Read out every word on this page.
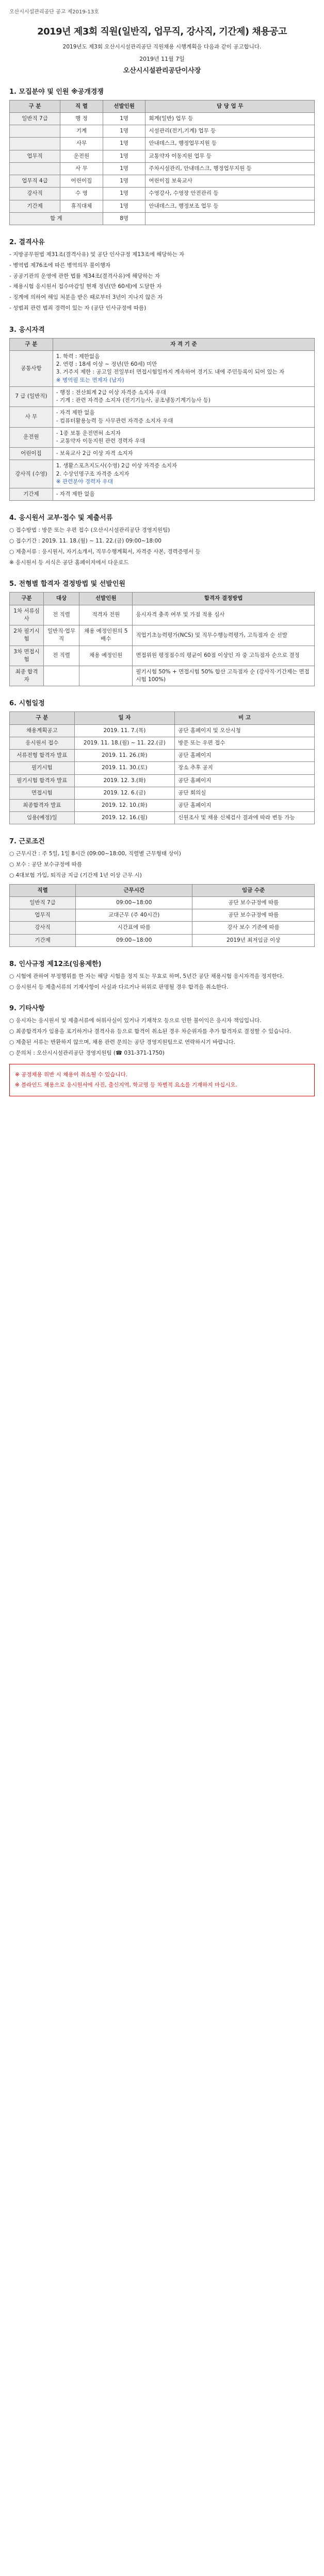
오산시시설관리공단 공고 제2019-13호
2019년 제3회 직원(일반직, 업무직, 강사직, 기간제) 채용공고
2019년도 제3회 오산시시설관리공단 직원채용 시행계획을 다음과 같이 공고합니다.
2019년 11월 7일
오산시시설관리공단이사장
1. 모집분야 및 인원 ※공개경쟁
구 분	직 렬	선발인원	담 당 업 무
일반직 7급	행 정	1명	회계(일반) 업무 등
	기계	1명	시설관리(전기,기계) 업무 등
	사무	1명	안내데스크, 행정업무지원 등
업무직	운전원	1명	교통약자 이동지원 업무 등
	사 무	1명	주차시설관리, 안내데스크, 행정업무지원 등
업무직 4급	어린이집	1명	어린이집 보육교사
강사직	수 영	1명	수영강사, 수영장 안전관리 등
기간제	휴직대체	1명	안내데스크, 행정보조 업무 등
합 계		8명	
2. 결격사유
- 지방공무원법 제31조(결격사유) 및 공단 인사규정 제13조에 해당하는 자
- 병역법 제76조에 따른 병역의무 불이행자
- 공공기관의 운영에 관한 법률 제34조(결격사유)에 해당하는 자
- 채용시험 응시원서 접수마감일 현재 정년(만 60세)에 도달한 자
- 징계에 의하여 해임 처분을 받은 때로부터 3년이 지나지 않은 자
- 성범죄 관련 범죄 경력이 있는 자 (공단 인사규정에 따름)
3. 응시자격
구 분	자 격 기 준
공통사항	1. 학력 : 제한없음
2. 연령 : 18세 이상 ~ 정년(만 60세) 미만
3. 거주지 제한 : 공고일 전일부터 면접시험일까지 계속하여 경기도 내에 주민등록이 되어 있는 자
※ 병역필 또는 면제자 (남자)

7 급 (일반직)	- 행정 : 전산회계 2급 이상 자격증 소지자 우대
- 기계 : 관련 자격증 소지자 (전기기능사, 공조냉동기계기능사 등)

사 무	- 자격 제한 없음
- 컴퓨터활용능력 등 사무관련 자격증 소지자 우대

운전원	- 1종 보통 운전면허 소지자
- 교통약자 이동지원 관련 경력자 우대

어린이집	- 보육교사 2급 이상 자격 소지자

강사직 (수영)	1. 생활스포츠지도사(수영) 2급 이상 자격증 소지자
2. 수상인명구조 자격증 소지자
※ 관련분야 경력자 우대

기간제	- 자격 제한 없음
4. 응시원서 교부·접수 및 제출서류
○ 접수방법 : 방문 또는 우편 접수 (오산시시설관리공단 경영지원팀)
○ 접수기간 : 2019. 11. 18.(월) ~ 11. 22.(금) 09:00~18:00
○ 제출서류 : 응시원서, 자기소개서, 직무수행계획서, 자격증 사본, 경력증명서 등
※ 응시원서 등 서식은 공단 홈페이지에서 다운로드
5. 전형별 합격자 결정방법 및 선발인원
구분	대상	선발인원	합격자 결정방법
1차 서류심사	전 직렬	적격자 전원	응시자격 충족 여부 및 가점 적용 심사
2차 필기시험	일반직·업무직	채용 예정인원의 5배수	직업기초능력평가(NCS) 및 직무수행능력평가, 고득점자 순 선발
3차 면접시험	전 직렬	채용 예정인원	면접위원 평정점수의 평균이 60점 이상인 자 중 고득점자 순으로 결정
최종 합격자			필기시험 50% + 면접시험 50% 합산 고득점자 순 (강사직·기간제는 면접시험 100%)
6. 시험일정
구 분	일 자	비 고
채용계획공고	2019. 11. 7.(목)	공단 홈페이지 및 오산시청
응시원서 접수	2019. 11. 18.(월) ~ 11. 22.(금)	방문 또는 우편 접수
서류전형 합격자 발표	2019. 11. 26.(화)	공단 홈페이지
필기시험	2019. 11. 30.(토)	장소 추후 공지
필기시험 합격자 발표	2019. 12. 3.(화)	공단 홈페이지
면접시험	2019. 12. 6.(금)	공단 회의실
최종합격자 발표	2019. 12. 10.(화)	공단 홈페이지
임용(예정)일	2019. 12. 16.(월)	신원조사 및 채용 신체검사 결과에 따라 변동 가능
7. 근로조건
○ 근무시간 : 주 5일, 1일 8시간 (09:00~18:00, 직렬별 근무형태 상이)
○ 보수 : 공단 보수규정에 따름
○ 4대보험 가입, 퇴직금 지급 (기간제 1년 이상 근무 시)
직렬	근무시간	임금 수준
일반직 7급	09:00~18:00	공단 보수규정에 따름
업무직	교대근무 (주 40시간)	공단 보수규정에 따름
강사직	시간표에 따름	강사 보수 기준에 따름
기간제	09:00~18:00	2019년 최저임금 이상
8. 인사규정 제12조(임용제한)
○ 시험에 관하여 부정행위를 한 자는 해당 시험을 정지 또는 무효로 하며, 5년간 공단 채용시험 응시자격을 정지한다.
○ 응시원서 등 제출서류의 기재사항이 사실과 다르거나 허위로 판명될 경우 합격을 취소한다.
9. 기타사항
○ 응시자는 응시원서 및 제출서류에 허위사실이 있거나 기재착오 등으로 인한 불이익은 응시자 책임입니다.
○ 최종합격자가 임용을 포기하거나 결격사유 등으로 합격이 취소된 경우 차순위자를 추가 합격자로 결정할 수 있습니다.
○ 제출된 서류는 반환하지 않으며, 채용 관련 문의는 공단 경영지원팀으로 연락하시기 바랍니다.
○ 문의처 : 오산시시설관리공단 경영지원팀 (☎ 031-371-1750)
※ 공정채용 위반 시 채용이 취소될 수 있습니다.
※ 블라인드 채용으로 응시원서에 사진, 출신지역, 학교명 등 차별적 요소를 기재하지 마십시오.
